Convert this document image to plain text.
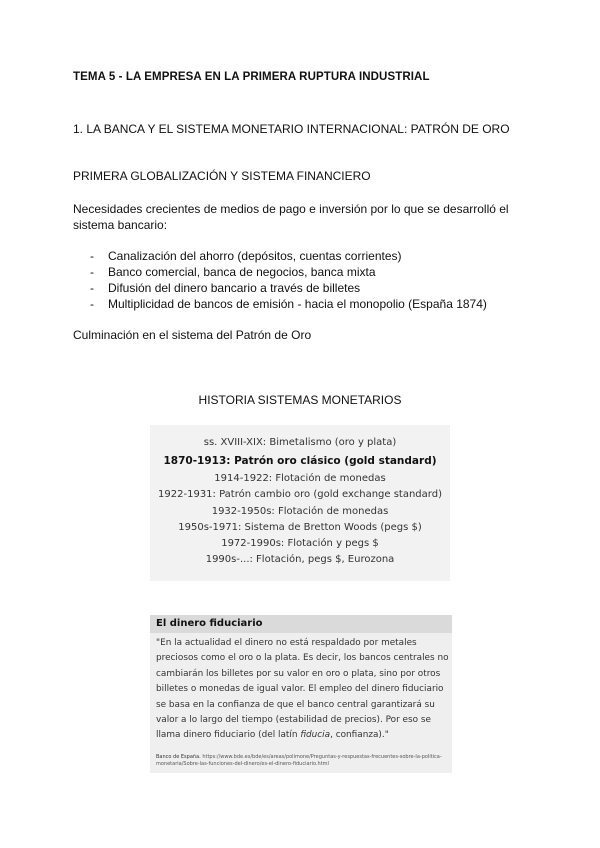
TEMA 5 - LA EMPRESA EN LA PRIMERA RUPTURA INDUSTRIAL
1. LA BANCA Y EL SISTEMA MONETARIO INTERNACIONAL: PATRÓN DE ORO
PRIMERA GLOBALIZACIÓN Y SISTEMA FINANCIERO
Necesidades crecientes de medios de pago e inversión por lo que se desarrolló el
sistema bancario:
- Canalización del ahorro (depósitos, cuentas corrientes)
- Banco comercial, banca de negocios, banca mixta
- Difusión del dinero bancario a través de billetes
- Multiplicidad de bancos de emisión - hacia el monopolio (España 1874)
Culminación en el sistema del Patrón de Oro
HISTORIA SISTEMAS MONETARIOS
ss. XVIII-XIX: Bimetalismo (oro y plata)
1870-1913: Patrón oro clásico (gold standard)
1914-1922: Flotación de monedas
1922-1931: Patrón cambio oro (gold exchange standard)
1932-1950s: Flotación de monedas
1950s-1971: Sistema de Bretton Woods (pegs $)
1972-1990s: Flotación y pegs $
1990s-...: Flotación, pegs $, Eurozona
El dinero fiduciario
"En la actualidad el dinero no está respaldado por metales
preciosos como el oro o la plata. Es decir, los bancos centrales no
cambiarán los billetes por su valor en oro o plata, sino por otros
billetes o monedas de igual valor. El empleo del dinero fiduciario
se basa en la confianza de que el banco central garantizará su
valor a lo largo del tiempo (estabilidad de precios). Por eso se
llama dinero fiduciario (del latín fiducia, confianza)."
Banco de España. https://www.bde.es/bde/es/areas/polimone/Preguntas-y-respuestas-frecuentes-sobre-la-politica-monetaria/Sobre-las-funciones-del-dinero/es-el-dinero-fiduciario.html
